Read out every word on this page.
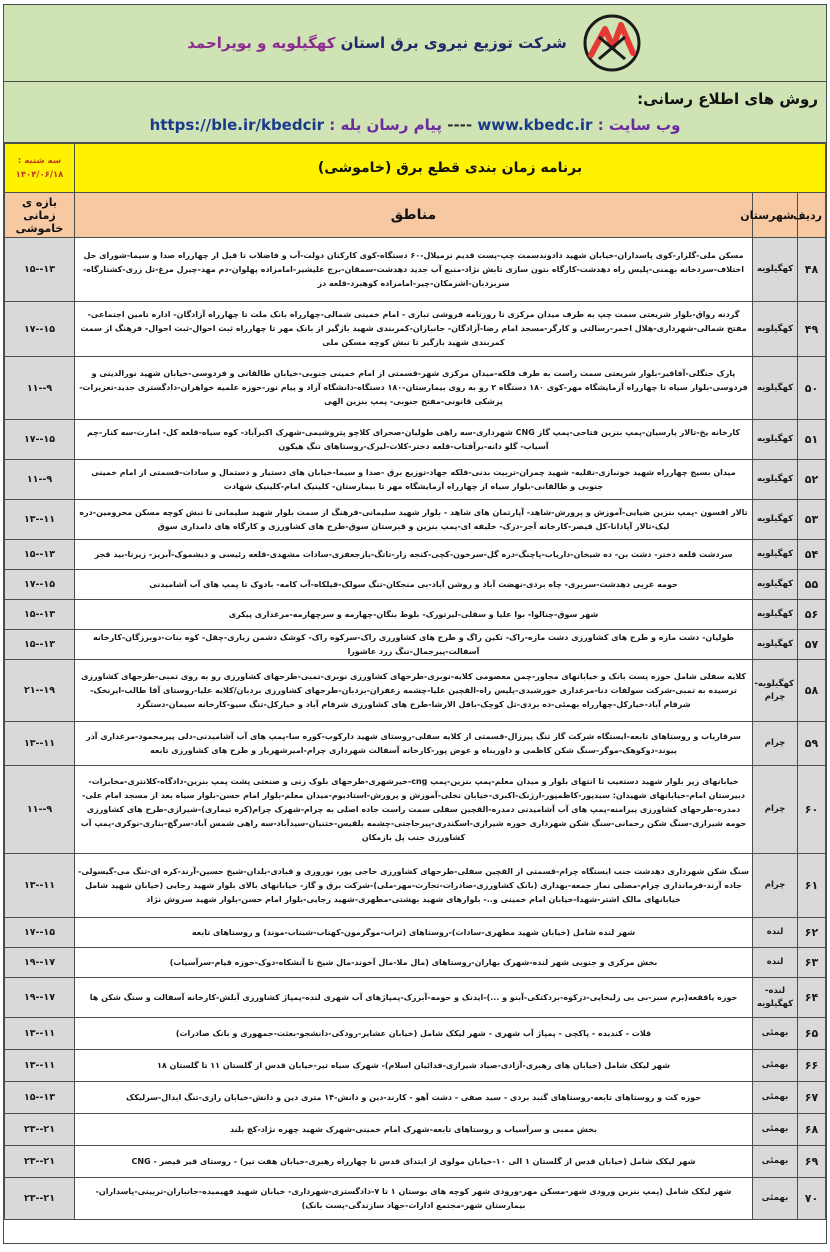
شرکت توزیع نیروی برق استان کهگیلویه و بویراحمد
روش های اطلاع رسانی:
وب سایت : www.kbedc.ir ---- پیام رسان بله : https://ble.ir/kbedcir
برنامه زمان بندی قطع برق (خاموشی)			سه شنبه :
۱۴۰۴/۰۶/۱۸

ردیف	شهرستان	مناطق	بازه ی زمانی خاموشی
۴۸	کهگیلویه	مسکن ملی-گلزار-کوی پاسداران-خیابان شهید دادوندسمت چپ-پست قدیم نرمیلال-۶۰ دستگاه-کوی کارکنان دولت-آب و فاضلاب تا قبل از چهارراه صدا و سیما-شورای حل اختلاف-سردخانه بهمنی-پلیس راه دهدشت-کارگاه بتون سازی تابش نژاد-منبع آب جدید دهدشت-سمقان-برج علیشیر-امامزاده پهلوان-دم مهد-چیرل مرغ-تل زری-کشتارگاه-سربردبان-اشرمکان-چیر-امامزاده کوهبرد-قلعه دز	۱۵--۱۳
۴۹	کهگیلویه	گردنه رواق-بلوار شریعتی سمت چپ به طرف میدان مرکزی تا روزنامه فروشی تباری - امام خمینی شمالی-چهارراه بانک ملت تا چهارراه آزادگان- اداره تامین اجتماعی-مفتح شمالی-شهرداری-هلال احمر-رسالتی و کارگر-مسجد امام رضا-آزادگان- جانبازان-کمربندی شهید بازگیر از بانک مهر تا چهارراه ثبت احوال-ثبت احوال- فرهنگ از سمت کمربندی شهید بازگیر تا نبش کوچه مسکن ملی	۱۷--۱۵
۵۰	کهگیلویه	پارک جنگلی-آفاقیر-بلوار شریعتی سمت راست به طرف فلکه-میدان مرکزی شهر-قسمتی از امام خمینی جنوبی-خیابان طالقانی و فردوسی-خیابان شهید نورالدینی و فردوسی-بلوار سیاه تا چهارراه آزمایشگاه مهر-کوی ۱۸۰ دستگاه ۲ رو به روی بیمارستان-۱۸۰ دستگاه-دانشگاه آزاد و پیام نور-حوزه علمیه خواهران-دادگستری جدید-تعزیرات-پزشکی قانونی-مفتح جنوبی- پمپ بنزین الهی	۱۱--۹
۵۱	کهگیلویه	کارخانه یخ-تالار پارسیان-پمپ بنزین فتاحی-پمپ گاز CNG شهرداری-سه راهی طولیان-صحرای کلاچو پتروشیمی-شهرک اکبرآباد- کوه سیاه-قلعه کل- امارت-سه کنار-چم آسیاب- گلو دانه-برآفتاب-قلعه دختر-کلات-لیرک-روستاهای تنگ هیکون	۱۷--۱۵
۵۲	کهگیلویه	میدان بسیج چهارراه شهید خونبازی-نقلیه- شهید چمران-تربیت بدنی-فلکه جهاد-توزیع برق -صدا و سیما-خیابان های دستیار و دستمال و سادات-قسمتی از امام خمینی جنوبی و طالقانی-بلوار سیاه از چهارراه آزمایشگاه مهر تا بیمارستان- کلینیک امام-کلینیک شهادت	۱۱--۹
۵۳	کهگیلویه	تالار افسون -پمپ بنزین ضیایی-آموزش و پرورش-شاهد- آپارتمان های شاهد - بلوار شهید سلیمانی-فرهنگ از سمت بلوار شهید سلیمانی تا نبش کوچه مسکن محرومین-دره لیک-تالار آپادانا-کل قیصر-کارخانه آجر-دزک- خلیفه ای-پمپ بنزین و قبرستان سوق-طرح های کشاورزی و کارگاه های دامداری سوق	۱۳--۱۱
۵۴	کهگیلویه	سردشت قلعه دختر- دشت بن- ده شیخان-داریاب-پاچنگ-دره گل-سرخون-کچی-کنجه زار-تاتگ-بازجعفری-سادات مشهدی-قلعه رئیسی و دیشموک-آبریز- زیرنا-بید قجر	۱۵--۱۳
۵۵	کهگیلویه	حومه غربی دهدشت-سربری- چاه بردی-نهضت آباد و روشن آباد-بی منجکان-تنگ سولک-قیلکاه-آب کامه- بادوک تا پمپ های آب آشامیدنی	۱۷--۱۵
۵۶	کهگیلویه	شهر سوق-چنالوا- بوا علیا و سفلی-لیرتورک- بلوط بنگان-چهارمه و سرچهارمه-مرغداری پیکری	۱۵--۱۳
۵۷	کهگیلویه	طولیان- دشت مازه و طرح های کشاورزی دشت مازه-راک- تکین راگ و طرح های کشاورزی راک-سرکوه راک- کوشک دشمن زیاری-چقل- کوه بنات-دوبرزگان-کارخانه آسفالت-پیرجمال-تنگ زرد عاشورا	۱۵--۱۳
۵۸	کهگیلویه-چرام	کلایه سفلی شامل حوزه پست بانک و خیابانهای مجاور-چمن معصومی کلایه-نوبری-طرحهای کشاورزی نوبری-تمبی-طرحهای کشاورزی رو به روی تمبی-طرحهای کشاورزی ترسیده به تمبی-شرکت سولفات دنا-مرغداری خورشیدی-پلیس راه-القچین علیا-چشمه زعفران-بردبان-طرحهای کشاورزی بردبان/کلایه علیا-روستای آقا طالب-ایرنخک-شرفام آباد-خیارکل-چهارراه بهمئی-ده بردی-تل کوچک-بافل الارشا-طرح های کشاورزی شرفام آباد و خیارکل-تنگ سیو-کارخانه سیمان-دستگرد	۲۱--۱۹
۵۹	چرام	سرقاریاب و روستاهای تابعه-ایستگاه شرکت گاز تنگ پیرزال-قسمتی از کلایه سفلی-روستای شهید دارکوب-کوره سا-پمپ های آب آشامیدنی-دلی پیرمحمود-مرغداری آذر پیوند-دوکوهک-موگر-سنگ شکن کاظمی و داوریناه و عوض پور-کارخانه آسفالت شهرداری چرام-امیرشهریار و طرح های کشاورزی تابعه	۱۳--۱۱
۶۰	چرام	خیابانهای زیر بلوار شهید دستغیب تا انتهای بلوار و میدان معلم-پمپ بنزین-پمپ cng-خیرشهری-طرحهای بلوک زنی و صنعتی پشت پمپ بنزین-دادگاه-کلانتری-مخابرات-دبیرستان امام-خیابانهای شهیدان: سیدپور-کاظمپور-ارژنک-اکبری-خیابان نخلی-آموزش و پرورش-استادیوم-میدان معلم-بلوار امام حسن-بلوار سیاه بعد از مسجد امام علی-دمدره-طرحهای کشاورزی پیرامنه-پمپ های آب آشامیدنی دمدره-القچین سفلی سمت راست جاده اصلی به چرام-شهرک چرام(کره تیماری)-شیرازی-طرح های کشاورزی حومه شیرازی-سنگ شکن رحمانی-سنگ شکن شهرداری حوزه شیرازی-اسکندری-پیرحاجتی-چشمه بلقیس-ختنیان-سیدآباد-سه راهی شمس آباد-سرگچ-بناری-نوکری-پمپ آب کشاورزی جنب پل بازمکان	۱۱--۹
۶۱	چرام	سنگ شکن شهرداری دهدشت جنب ایستگاه چرام-قسمتی از القچین سفلی-طرحهای کشاورزی حاجی پور، نوروزی و قبادی-بلدان-شیخ حسین-آرند-کره ای-تنگ می-گیسولی-جاده آرند-فرمانداری چرام-مصلی نماز جمعه-بهداری (بانک کشاورزی-صادرات-تجارت-مهر-ملی)-شرکت برق و گاز- خیابانهای بالای بلوار شهید رجایی (خیابان شهید شامل خیابانهای مالک اشتر-شهدا-خیابان امام خمینی و..- بلوارهای شهید بهشتی-مطهری-شهید رجایی-بلوار امام حسن-بلوار شهید سروش نژاد	۱۳--۱۱
۶۲	لنده	شهر لنده شامل (خیابان شهید مطهری-سادات)-روستاهای (تراب-موگرمون-کهناب-شیناب-موند) و روستاهای تابعه	۱۷--۱۵
۶۳	لنده	بخش مرکزی و جنوبی شهر لنده-شهرک بهاران-روستاهای (مال ملا-مال آخوند-مال شیخ تا آتشکاه-دوک-حوزه قیام-سرآسیاب)	۱۹--۱۷
۶۴	لنده-کهگیلویه	حوزه یاققعه(برم سبز-بی بی زلیخایی-دزکوه-بردکتکی-آبنو و ...)-ایدنک و حومه-آبزرک-پمپاژهای آب شهری لنده-پمپاژ کشاورزی آبلش-کارخانه آسفالت و سنگ شکن ها	۱۹--۱۷
۶۵	بهمئی	قلات - کندیده - پاکچی - پمپاژ آب شهری - شهر لیکک شامل (خیابان عشایر-رودکی-دانشجو-بعثت-جمهوری و بانک صادرات)	۱۳--۱۱
۶۶	بهمئی	شهر لیکک شامل (خیابان های رهبری-آزادی-صیاد شیرازی-فدائیان اسلام)- شهرک سیاه تیر-خیابان قدس از گلستان ۱۱ تا گلستان ۱۸	۱۳--۱۱
۶۷	بهمئی	حوزه کت و روستاهای تابعه-روستاهای گنبد بردی - سید صفی - دشت آهو - کارند-دین و دانش-۱۴ متری دین و دانش-خیابان رازی-تنگ ابدال-سرلیکک	۱۵--۱۳
۶۸	بهمئی	بخش ممبی و سرآسیاب و روستاهای تابعه-شهرک امام خمینی-شهرک شهید چهره نژاد-کچ بلند	۲۳--۲۱
۶۹	بهمئی	شهر لیکک شامل (خیابان قدس از گلستان ۱ الی ۱۰-خیابان مولوی از ابتدای قدس تا چهارراه رهبری-خیابان هفت تیر) - روستای قیر قیصر - CNG	۲۳--۲۱
۷۰	بهمئی	شهر لیکک شامل (پمپ بنزین ورودی شهر-مسکن مهر-ورودی شهر کوچه های بوستان ۱ تا ۷-دادگستری-شهرداری- خیابان شهید فهیمیده-جانبازان-تربیتی-پاسداران-بیمارستان شهر-مجتمع ادارات-جهاد سازندگی-پست بانک)	۲۳--۲۱
